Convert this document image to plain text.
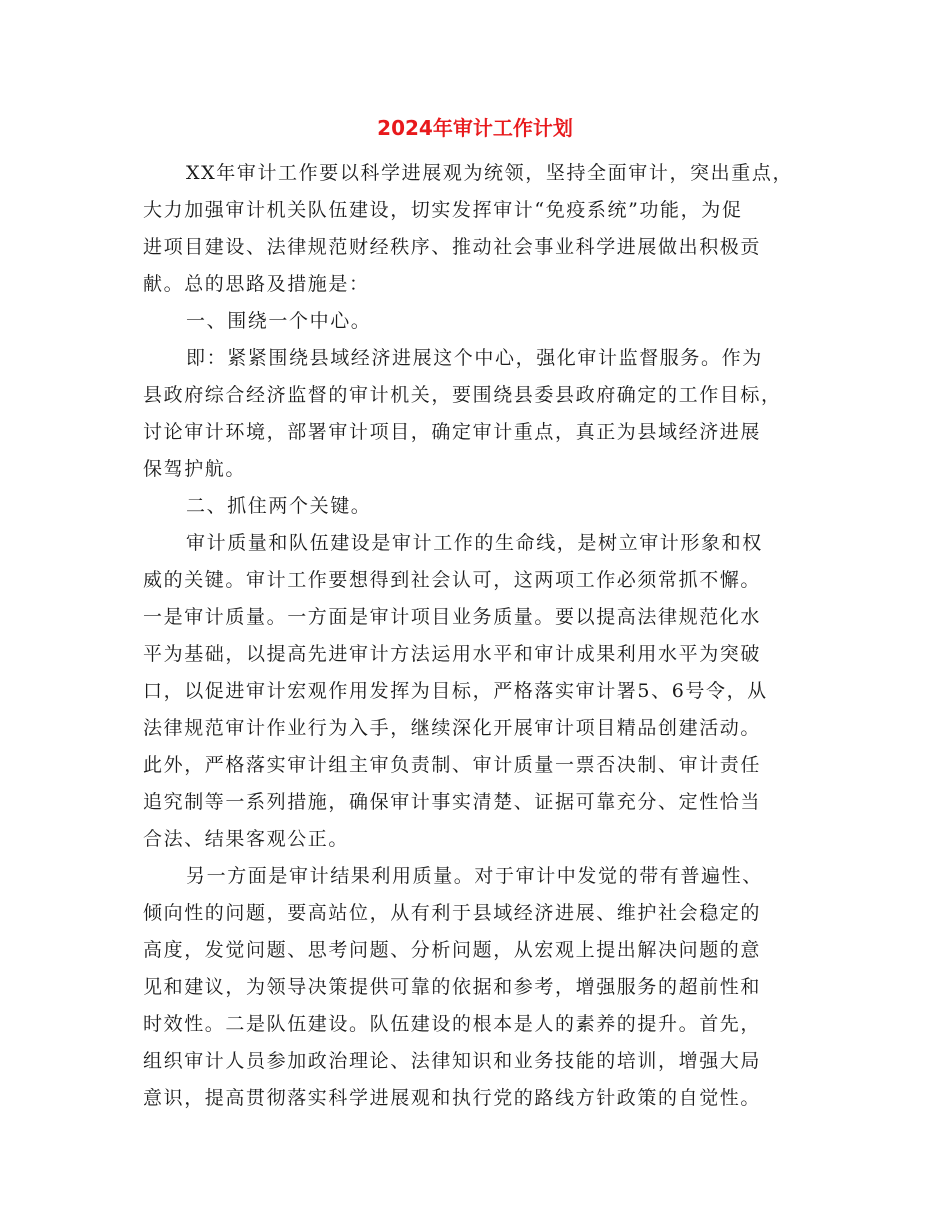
2024年审计工作计划

XX年审计工作要以科学进展观为统领，坚持全面审计，突出重点，

大力加强审计机关队伍建设，切实发挥审计“免疫系统”功能，为促

进项目建设、法律规范财经秩序、推动社会事业科学进展做出积极贡

献。总的思路及措施是：

一、围绕一个中心。

即：紧紧围绕县域经济进展这个中心，强化审计监督服务。作为

县政府综合经济监督的审计机关，要围绕县委县政府确定的工作目标，

讨论审计环境，部署审计项目，确定审计重点，真正为县域经济进展

保驾护航。

二、抓住两个关键。

审计质量和队伍建设是审计工作的生命线，是树立审计形象和权

威的关键。审计工作要想得到社会认可，这两项工作必须常抓不懈。

一是审计质量。一方面是审计项目业务质量。要以提高法律规范化水

平为基础，以提高先进审计方法运用水平和审计成果利用水平为突破

口，以促进审计宏观作用发挥为目标，严格落实审计署5、6号令，从

法律规范审计作业行为入手，继续深化开展审计项目精品创建活动。

此外，严格落实审计组主审负责制、审计质量一票否决制、审计责任

追究制等一系列措施，确保审计事实清楚、证据可靠充分、定性恰当

合法、结果客观公正。

另一方面是审计结果利用质量。对于审计中发觉的带有普遍性、

倾向性的问题，要高站位，从有利于县域经济进展、维护社会稳定的

高度，发觉问题、思考问题、分析问题，从宏观上提出解决问题的意

见和建议，为领导决策提供可靠的依据和参考，增强服务的超前性和

时效性。二是队伍建设。队伍建设的根本是人的素养的提升。首先，

组织审计人员参加政治理论、法律知识和业务技能的培训，增强大局

意识，提高贯彻落实科学进展观和执行党的路线方针政策的自觉性。
